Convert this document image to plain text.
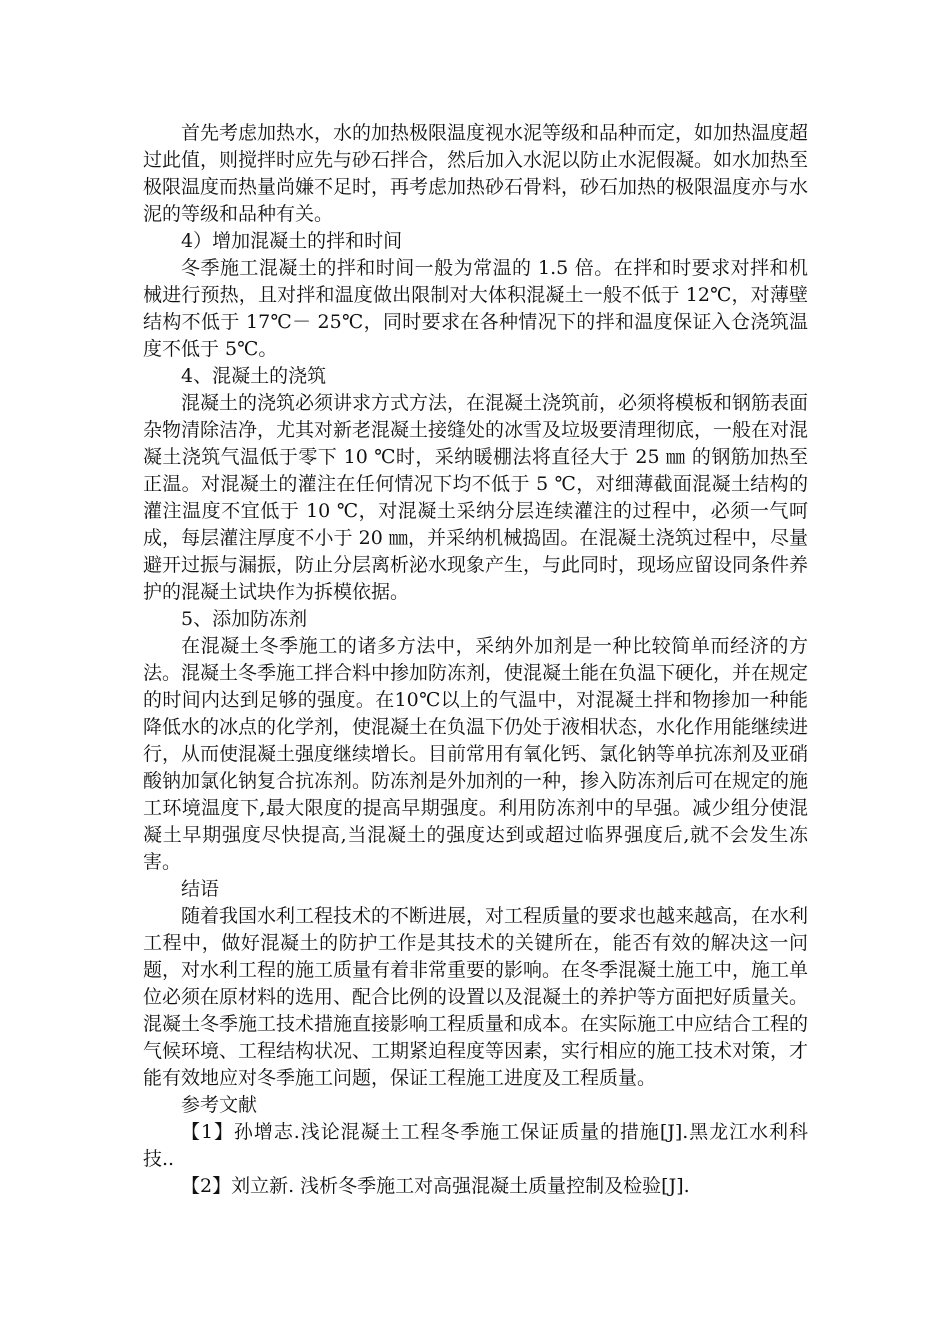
首先考虑加热水，水的加热极限温度视水泥等级和品种而定，如加热温度超过此值，则搅拌时应先与砂石拌合，然后加入水泥以防止水泥假凝。如水加热至极限温度而热量尚嫌不足时，再考虑加热砂石骨料，砂石加热的极限温度亦与水泥的等级和品种有关。

4）增加混凝土的拌和时间

冬季施工混凝土的拌和时间一般为常温的 1.5 倍。在拌和时要求对拌和机械进行预热，且对拌和温度做出限制对大体积混凝土一般不低于 12℃，对薄壁结构不低于 17℃－ 25℃，同时要求在各种情况下的拌和温度保证入仓浇筑温度不低于 5℃。

4、混凝土的浇筑

混凝土的浇筑必须讲求方式方法，在混凝土浇筑前，必须将模板和钢筋表面杂物清除洁净，尤其对新老混凝土接缝处的冰雪及垃圾要清理彻底，一般在对混凝土浇筑气温低于零下 10 ℃时，采纳暖棚法将直径大于 25 ㎜ 的钢筋加热至正温。对混凝土的灌注在任何情况下均不低于 5 ℃，对细薄截面混凝土结构的灌注温度不宜低于 10 ℃，对混凝土采纳分层连续灌注的过程中，必须一气呵成，每层灌注厚度不小于 20 ㎜，并采纳机械捣固。在混凝土浇筑过程中，尽量避开过振与漏振，防止分层离析泌水现象产生，与此同时，现场应留设同条件养护的混凝土试块作为拆模依据。

5、添加防冻剂

在混凝土冬季施工的诸多方法中，采纳外加剂是一种比较简单而经济的方法。混凝土冬季施工拌合料中掺加防冻剂，使混凝土能在负温下硬化，并在规定的时间内达到足够的强度。在10℃以上的气温中，对混凝土拌和物掺加一种能降低水的冰点的化学剂，使混凝土在负温下仍处于液相状态，水化作用能继续进行，从而使混凝土强度继续增长。目前常用有氧化钙、氯化钠等单抗冻剂及亚硝酸钠加氯化钠复合抗冻剂。防冻剂是外加剂的一种，掺入防冻剂后可在规定的施工环境温度下,最大限度的提高早期强度。利用防冻剂中的早强。减少组分使混凝土早期强度尽快提高,当混凝土的强度达到或超过临界强度后,就不会发生冻害。

结语

随着我国水利工程技术的不断进展，对工程质量的要求也越来越高，在水利工程中，做好混凝土的防护工作是其技术的关键所在，能否有效的解决这一问题，对水利工程的施工质量有着非常重要的影响。在冬季混凝土施工中，施工单位必须在原材料的选用、配合比例的设置以及混凝土的养护等方面把好质量关。混凝土冬季施工技术措施直接影响工程质量和成本。在实际施工中应结合工程的气候环境、工程结构状况、工期紧迫程度等因素，实行相应的施工技术对策，才能有效地应对冬季施工问题，保证工程施工进度及工程质量。

参考文献

【1】孙增志.浅论混凝土工程冬季施工保证质量的措施[J].黑龙江水利科技..

【2】刘立新. 浅析冬季施工对高强混凝土质量控制及检验[J].
